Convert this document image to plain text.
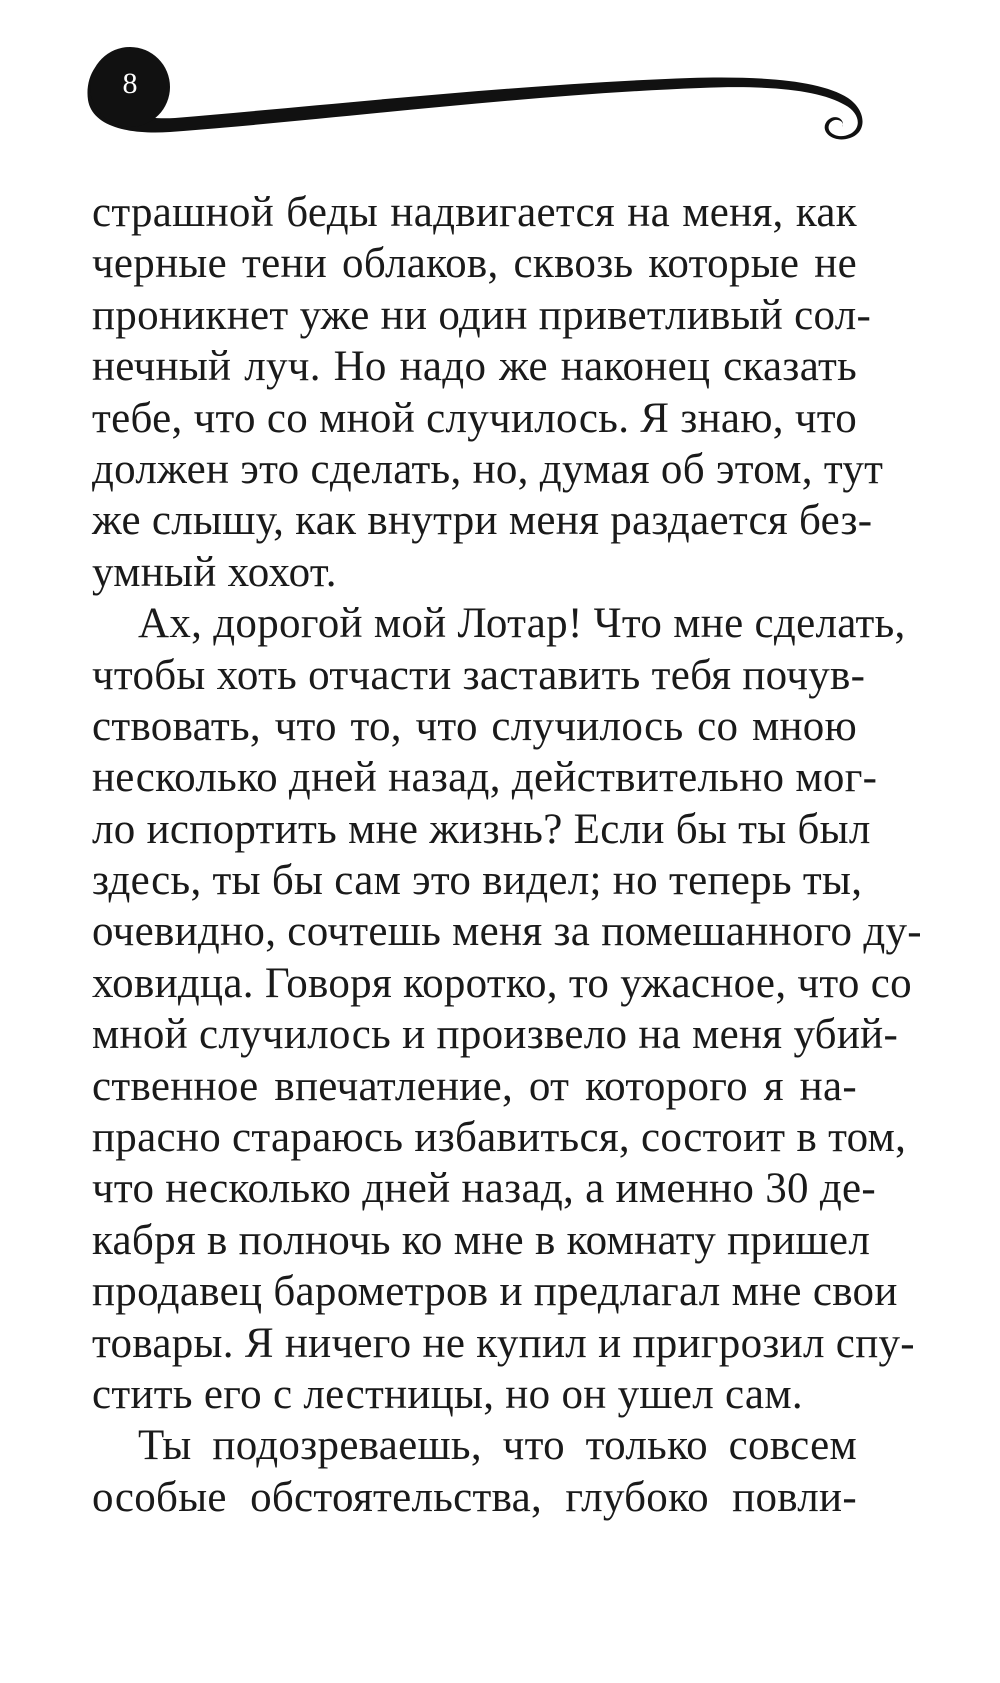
8
страшной беды надвигается на меня, как
черные тени облаков, сквозь которые не
проникнет уже ни один приветливый сол-
нечный луч. Но надо же наконец сказать
тебе, что со мной случилось. Я знаю, что
должен это сделать, но, думая об этом, тут
же слышу, как внутри меня раздается без-
умный хохот.
Ах, дорогой мой Лотар! Что мне сделать,
чтобы хоть отчасти заставить тебя почув-
ствовать, что то, что случилось со мною
несколько дней назад, действительно мог-
ло испортить мне жизнь? Если бы ты был
здесь, ты бы сам это видел; но теперь ты,
очевидно, сочтешь меня за помешанного ду-
ховидца. Говоря коротко, то ужасное, что со
мной случилось и произвело на меня убий-
ственное впечатление, от которого я на-
прасно стараюсь избавиться, состоит в том,
что несколько дней назад, а именно 30 де-
кабря в полночь ко мне в комнату пришел
продавец барометров и предлагал мне свои
товары. Я ничего не купил и пригрозил спу-
стить его с лестницы, но он ушел сам.
Ты подозреваешь, что только совсем
особые обстоятельства, глубоко повли-
